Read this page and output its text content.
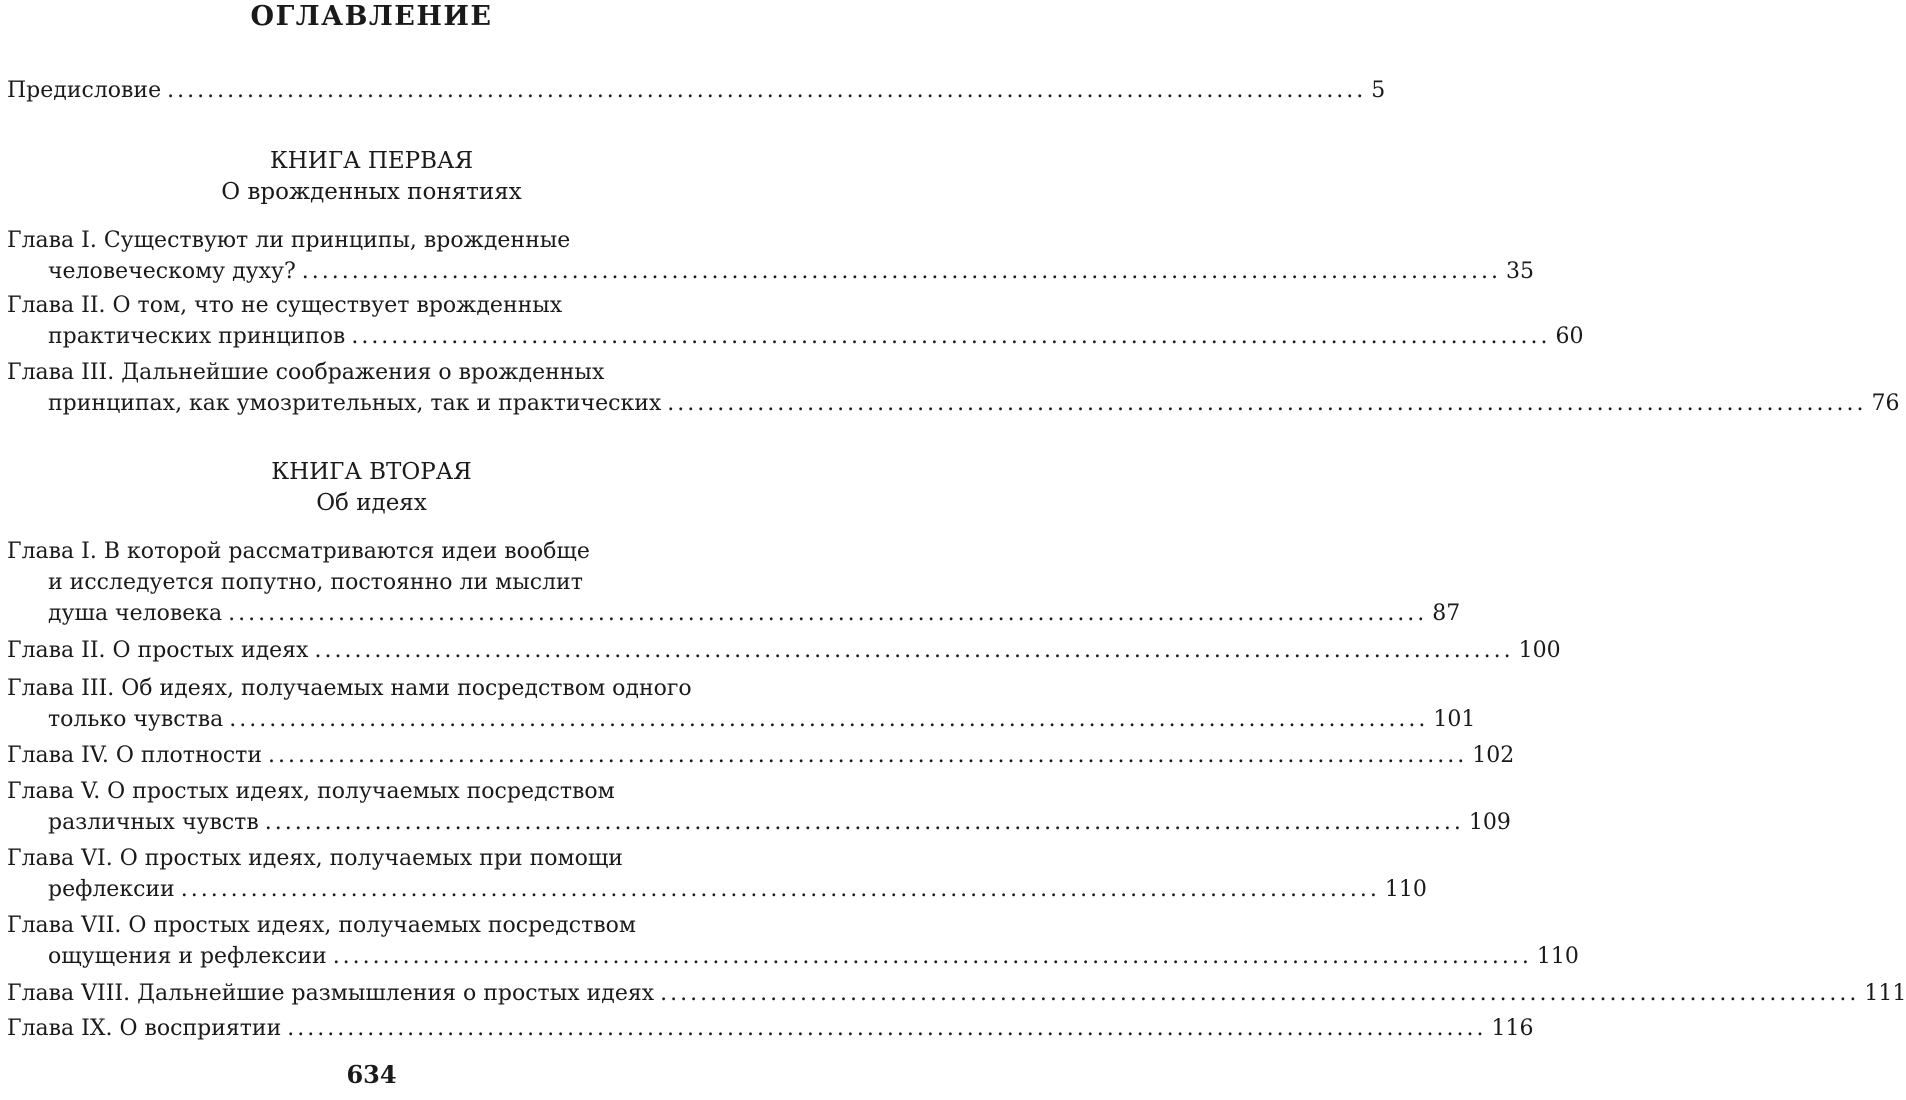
ОГЛАВЛЕНИЕ
Предисловие ........................................................................................................................ 5
КНИГА ПЕРВАЯ
О врожденных понятиях
Глава I. Существуют ли принципы, врожденные
человеческому духу? ........................................................................................................................ 35
Глава II. О том, что не существует врожденных
практических принципов ........................................................................................................................ 60
Глава III. Дальнейшие соображения о врожденных
принципах, как умозрительных, так и практических ........................................................................................................................ 76
КНИГА ВТОРАЯ
Об идеях
Глава I. В которой рассматриваются идеи вообще
и исследуется попутно, постоянно ли мыслит
душа человека ........................................................................................................................ 87
Глава II. О простых идеях ........................................................................................................................ 100
Глава III. Об идеях, получаемых нами посредством одного
только чувства ........................................................................................................................ 101
Глава IV. О плотности ........................................................................................................................ 102
Глава V. О простых идеях, получаемых посредством
различных чувств ........................................................................................................................ 109
Глава VI. О простых идеях, получаемых при помощи
рефлексии ........................................................................................................................ 110
Глава VII. О простых идеях, получаемых посредством
ощущения и рефлексии ........................................................................................................................ 110
Глава VIII. Дальнейшие размышления о простых идеях ........................................................................................................................ 111
Глава IX. О восприятии ........................................................................................................................ 116
634
